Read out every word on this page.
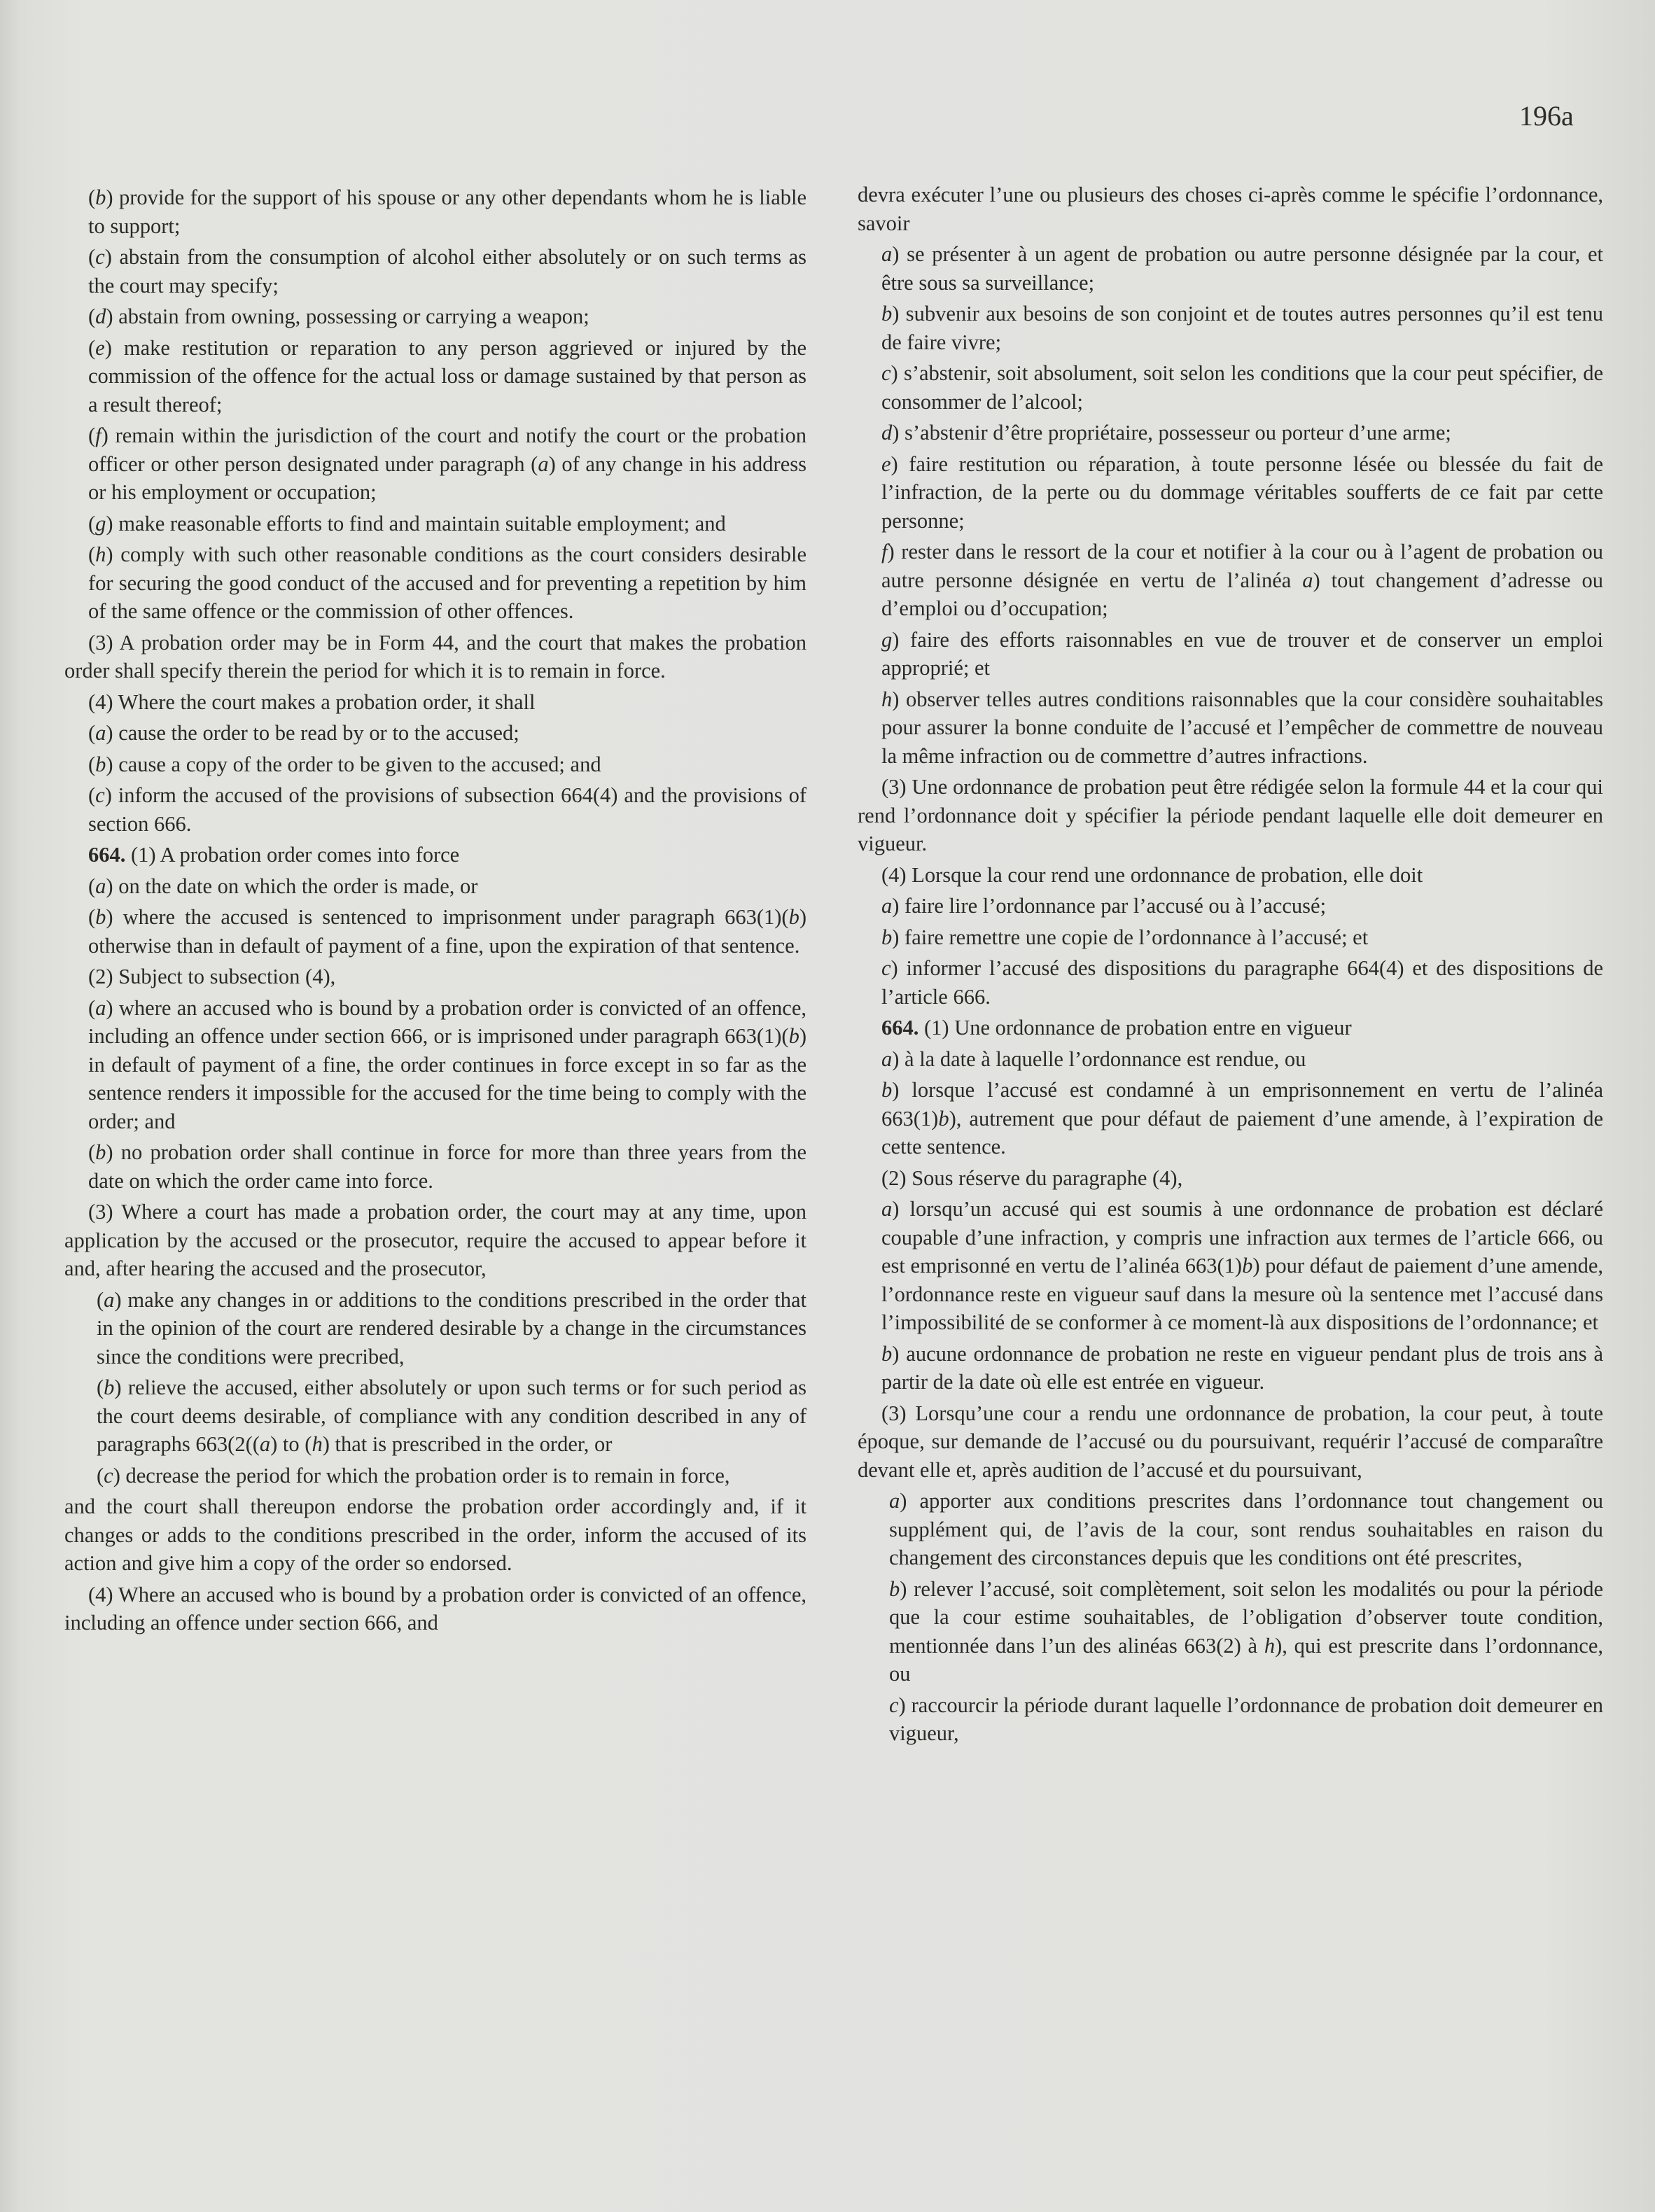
196a

(b) provide for the support of his spouse or any other dependants whom he is liable to support;

(c) abstain from the consumption of alcohol either absolutely or on such terms as the court may specify;

(d) abstain from owning, possessing or carrying a weapon;

(e) make restitution or reparation to any person aggrieved or injured by the commission of the offence for the actual loss or damage sustained by that person as a result thereof;

(f) remain within the jurisdiction of the court and notify the court or the probation officer or other person designated under paragraph (a) of any change in his address or his employment or occupation;

(g) make reasonable efforts to find and maintain suitable employment; and

(h) comply with such other reasonable conditions as the court considers desirable for securing the good conduct of the accused and for preventing a repetition by him of the same offence or the commission of other offences.

(3) A probation order may be in Form 44, and the court that makes the probation order shall specify therein the period for which it is to remain in force.

(4) Where the court makes a probation order, it shall

(a) cause the order to be read by or to the accused;

(b) cause a copy of the order to be given to the accused; and

(c) inform the accused of the provisions of subsection 664(4) and the provisions of section 666.

664. (1) A probation order comes into force

(a) on the date on which the order is made, or

(b) where the accused is sentenced to imprisonment under paragraph 663(1)(b) otherwise than in default of payment of a fine, upon the expiration of that sentence.

(2) Subject to subsection (4),

(a) where an accused who is bound by a probation order is convicted of an offence, including an offence under section 666, or is imprisoned under paragraph 663(1)(b) in default of payment of a fine, the order continues in force except in so far as the sentence renders it impossible for the accused for the time being to comply with the order; and

(b) no probation order shall continue in force for more than three years from the date on which the order came into force.

(3) Where a court has made a probation order, the court may at any time, upon application by the accused or the prosecutor, require the accused to appear before it and, after hearing the accused and the prosecutor,

(a) make any changes in or additions to the conditions prescribed in the order that in the opinion of the court are rendered desirable by a change in the circumstances since the conditions were precribed,

(b) relieve the accused, either absolutely or upon such terms or for such period as the court deems desirable, of compliance with any condition described in any of paragraphs 663(2((a) to (h) that is prescribed in the order, or

(c) decrease the period for which the probation order is to remain in force,

and the court shall thereupon endorse the probation order accordingly and, if it changes or adds to the conditions prescribed in the order, inform the accused of its action and give him a copy of the order so endorsed.

(4) Where an accused who is bound by a probation order is convicted of an offence, including an offence under section 666, and

devra exécuter l’une ou plusieurs des choses ci-après comme le spécifie l’ordonnance, savoir

a) se présenter à un agent de probation ou autre personne désignée par la cour, et être sous sa surveillance;

b) subvenir aux besoins de son conjoint et de toutes autres personnes qu’il est tenu de faire vivre;

c) s’abstenir, soit absolument, soit selon les conditions que la cour peut spécifier, de consommer de l’alcool;

d) s’abstenir d’être propriétaire, possesseur ou porteur d’une arme;

e) faire restitution ou réparation, à toute personne lésée ou blessée du fait de l’infraction, de la perte ou du dommage véritables soufferts de ce fait par cette personne;

f) rester dans le ressort de la cour et notifier à la cour ou à l’agent de probation ou autre personne désignée en vertu de l’alinéa a) tout changement d’adresse ou d’emploi ou d’occupation;

g) faire des efforts raisonnables en vue de trouver et de conserver un emploi approprié; et

h) observer telles autres conditions raisonnables que la cour considère souhaitables pour assurer la bonne conduite de l’accusé et l’empêcher de commettre de nouveau la même infraction ou de commettre d’autres infractions.

(3) Une ordonnance de probation peut être rédigée selon la formule 44 et la cour qui rend l’ordonnance doit y spécifier la période pendant laquelle elle doit demeurer en vigueur.

(4) Lorsque la cour rend une ordonnance de probation, elle doit

a) faire lire l’ordonnance par l’accusé ou à l’accusé;

b) faire remettre une copie de l’ordonnance à l’accusé; et

c) informer l’accusé des dispositions du paragraphe 664(4) et des dispositions de l’article 666.

664. (1) Une ordonnance de probation entre en vigueur

a) à la date à laquelle l’ordonnance est rendue, ou

b) lorsque l’accusé est condamné à un emprisonnement en vertu de l’alinéa 663(1)b), autrement que pour défaut de paiement d’une amende, à l’expiration de cette sentence.

(2) Sous réserve du paragraphe (4),

a) lorsqu’un accusé qui est soumis à une ordonnance de probation est déclaré coupable d’une infraction, y compris une infraction aux termes de l’article 666, ou est emprisonné en vertu de l’alinéa 663(1)b) pour défaut de paiement d’une amende, l’ordonnance reste en vigueur sauf dans la mesure où la sentence met l’accusé dans l’impossibilité de se conformer à ce moment-là aux dispositions de l’ordonnance; et

b) aucune ordonnance de probation ne reste en vigueur pendant plus de trois ans à partir de la date où elle est entrée en vigueur.

(3) Lorsqu’une cour a rendu une ordonnance de probation, la cour peut, à toute époque, sur demande de l’accusé ou du poursuivant, requérir l’accusé de comparaître devant elle et, après audition de l’accusé et du poursuivant,

a) apporter aux conditions prescrites dans l’ordonnance tout changement ou supplément qui, de l’avis de la cour, sont rendus souhaitables en raison du changement des circonstances depuis que les conditions ont été prescrites,

b) relever l’accusé, soit complètement, soit selon les modalités ou pour la période que la cour estime souhaitables, de l’obligation d’observer toute condition, mentionnée dans l’un des alinéas 663(2) à h), qui est prescrite dans l’ordonnance, ou

c) raccourcir la période durant laquelle l’ordonnance de probation doit demeurer en vigueur,
